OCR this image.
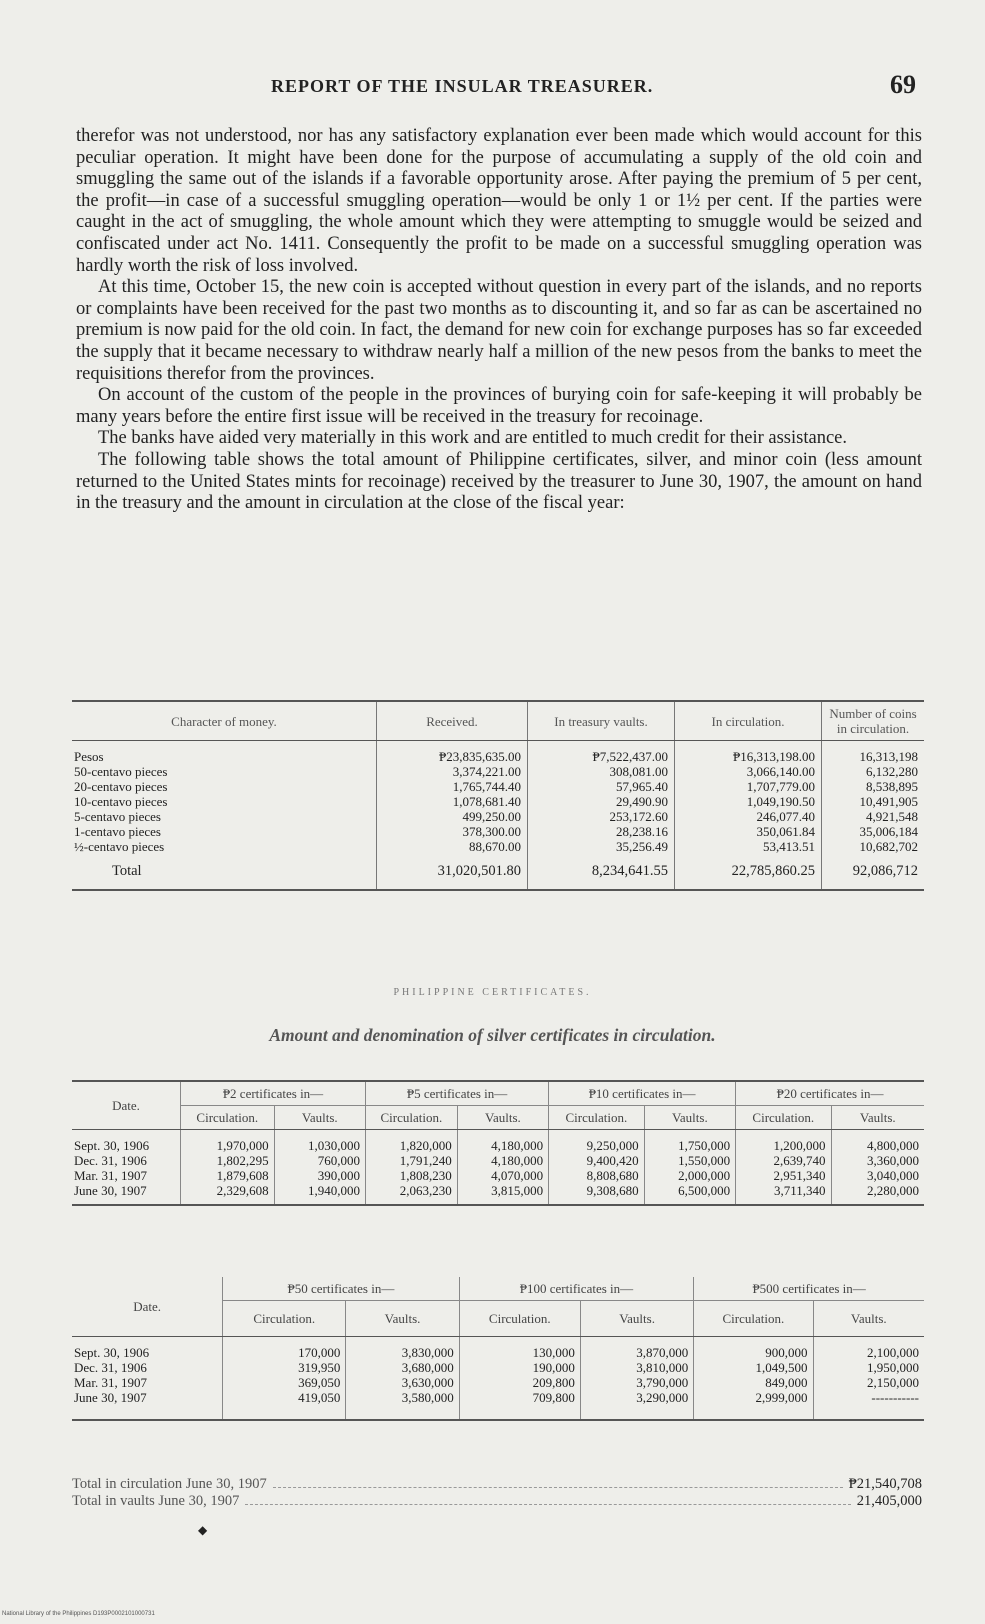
REPORT OF THE INSULAR TREASURER.	69

therefor was not understood, nor has any satisfactory explanation ever been made which would account for this peculiar operation. It might have been done for the purpose of accumulating a supply of the old coin and smuggling the same out of the islands if a favorable opportunity arose. After paying the premium of 5 per cent, the profit—in case of a successful smuggling operation—would be only 1 or 1½ per cent. If the parties were caught in the act of smuggling, the whole amount which they were attempting to smuggle would be seized and confiscated under act No. 1411. Consequently the profit to be made on a successful smuggling operation was hardly worth the risk of loss involved.

At this time, October 15, the new coin is accepted without question in every part of the islands, and no reports or complaints have been received for the past two months as to discounting it, and so far as can be ascertained no premium is now paid for the old coin. In fact, the demand for new coin for exchange purposes has so far exceeded the supply that it became necessary to withdraw nearly half a million of the new pesos from the banks to meet the requisitions therefor from the provinces.

On account of the custom of the people in the provinces of burying coin for safe-keeping it will probably be many years before the entire first issue will be received in the treasury for recoinage.

The banks have aided very materially in this work and are entitled to much credit for their assistance.

The following table shows the total amount of Philippine certificates, silver, and minor coin (less amount returned to the United States mints for recoinage) received by the treasurer to June 30, 1907, the amount on hand in the treasury and the amount in circulation at the close of the fiscal year:

Character of money.	Received.	In treasury vaults.	In circulation.	Number of coins in circulation.

Pesos	₱23,835,635.00	₱7,522,437.00	₱16,313,198.00	16,313,198
50-centavo pieces	3,374,221.00	308,081.00	3,066,140.00	6,132,280
20-centavo pieces	1,765,744.40	57,965.40	1,707,779.00	8,538,895
10-centavo pieces	1,078,681.40	29,490.90	1,049,190.50	10,491,905
5-centavo pieces	499,250.00	253,172.60	246,077.40	4,921,548
1-centavo pieces	378,300.00	28,238.16	350,061.84	35,006,184
½-centavo pieces	88,670.00	35,256.49	53,413.51	10,682,702
Total	31,020,501.80	8,234,641.55	22,785,860.25	92,086,712
PHILIPPINE CERTIFICATES.
Amount and denomination of silver certificates in circulation.
Date.	₱2 certificates in—		₱5 certificates in—		₱10 certificates in—		₱20 certificates in—	
	Circulation.	Vaults.	Circulation.	Vaults.	Circulation.	Vaults.	Circulation.	Vaults.
Sept. 30, 1906	1,970,000	1,030,000	1,820,000	4,180,000	9,250,000	1,750,000	1,200,000	4,800,000
Dec. 31, 1906	1,802,295	760,000	1,791,240	4,180,000	9,400,420	1,550,000	2,639,740	3,360,000
Mar. 31, 1907	1,879,608	390,000	1,808,230	4,070,000	8,808,680	2,000,000	2,951,340	3,040,000
June 30, 1907	2,329,608	1,940,000	2,063,230	3,815,000	9,308,680	6,500,000	3,711,340	2,280,000
Date.	₱50 certificates in—		₱100 certificates in—		₱500 certificates in—	
	Circulation.	Vaults.	Circulation.	Vaults.	Circulation.	Vaults.
Sept. 30, 1906	170,000	3,830,000	130,000	3,870,000	900,000	2,100,000
Dec. 31, 1906	319,950	3,680,000	190,000	3,810,000	1,049,500	1,950,000
Mar. 31, 1907	369,050	3,630,000	209,800	3,790,000	849,000	2,150,000
June 30, 1907	419,050	3,580,000	709,800	3,290,000	2,999,000	-----------
Total in circulation June 30, 1907	₱21,540,708
Total in vaults June 30, 1907	21,405,000
◆
National Library of the Philippines D193P0002101000731
